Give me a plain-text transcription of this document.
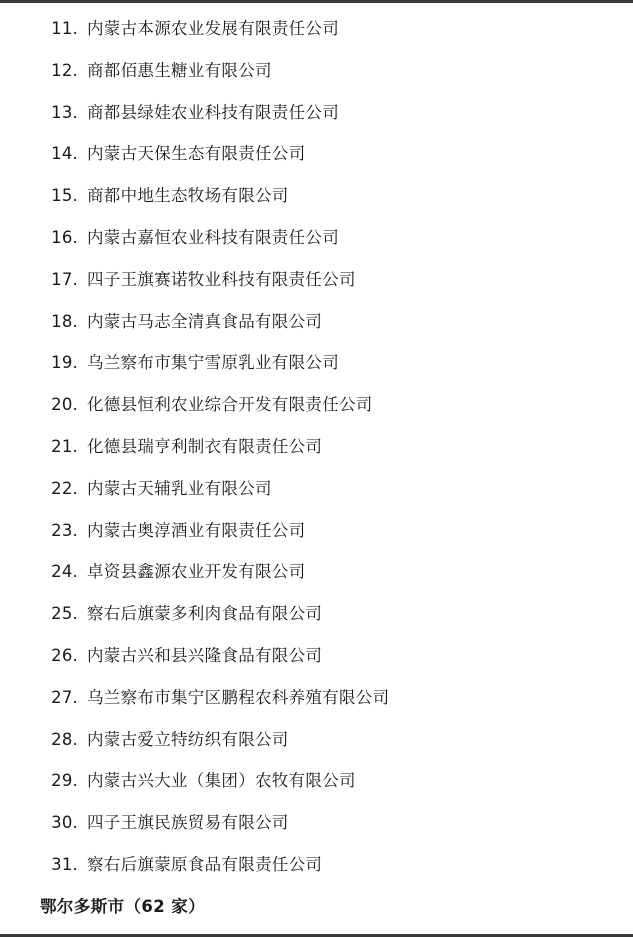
11. 内蒙古本源农业发展有限责任公司
12. 商都佰惠生糖业有限公司
13. 商都县绿娃农业科技有限责任公司
14. 内蒙古天保生态有限责任公司
15. 商都中地生态牧场有限公司
16. 内蒙古嘉恒农业科技有限责任公司
17. 四子王旗赛诺牧业科技有限责任公司
18. 内蒙古马志全清真食品有限公司
19. 乌兰察布市集宁雪原乳业有限公司
20. 化德县恒利农业综合开发有限责任公司
21. 化德县瑞亨利制衣有限责任公司
22. 内蒙古天辅乳业有限公司
23. 内蒙古奥淳酒业有限责任公司
24. 卓资县鑫源农业开发有限公司
25. 察右后旗蒙多利肉食品有限公司
26. 内蒙古兴和县兴隆食品有限公司
27. 乌兰察布市集宁区鹏程农科养殖有限公司
28. 内蒙古爱立特纺织有限公司
29. 内蒙古兴大业（集团）农牧有限公司
30. 四子王旗民族贸易有限公司
31. 察右后旗蒙原食品有限责任公司
鄂尔多斯市（62 家）
